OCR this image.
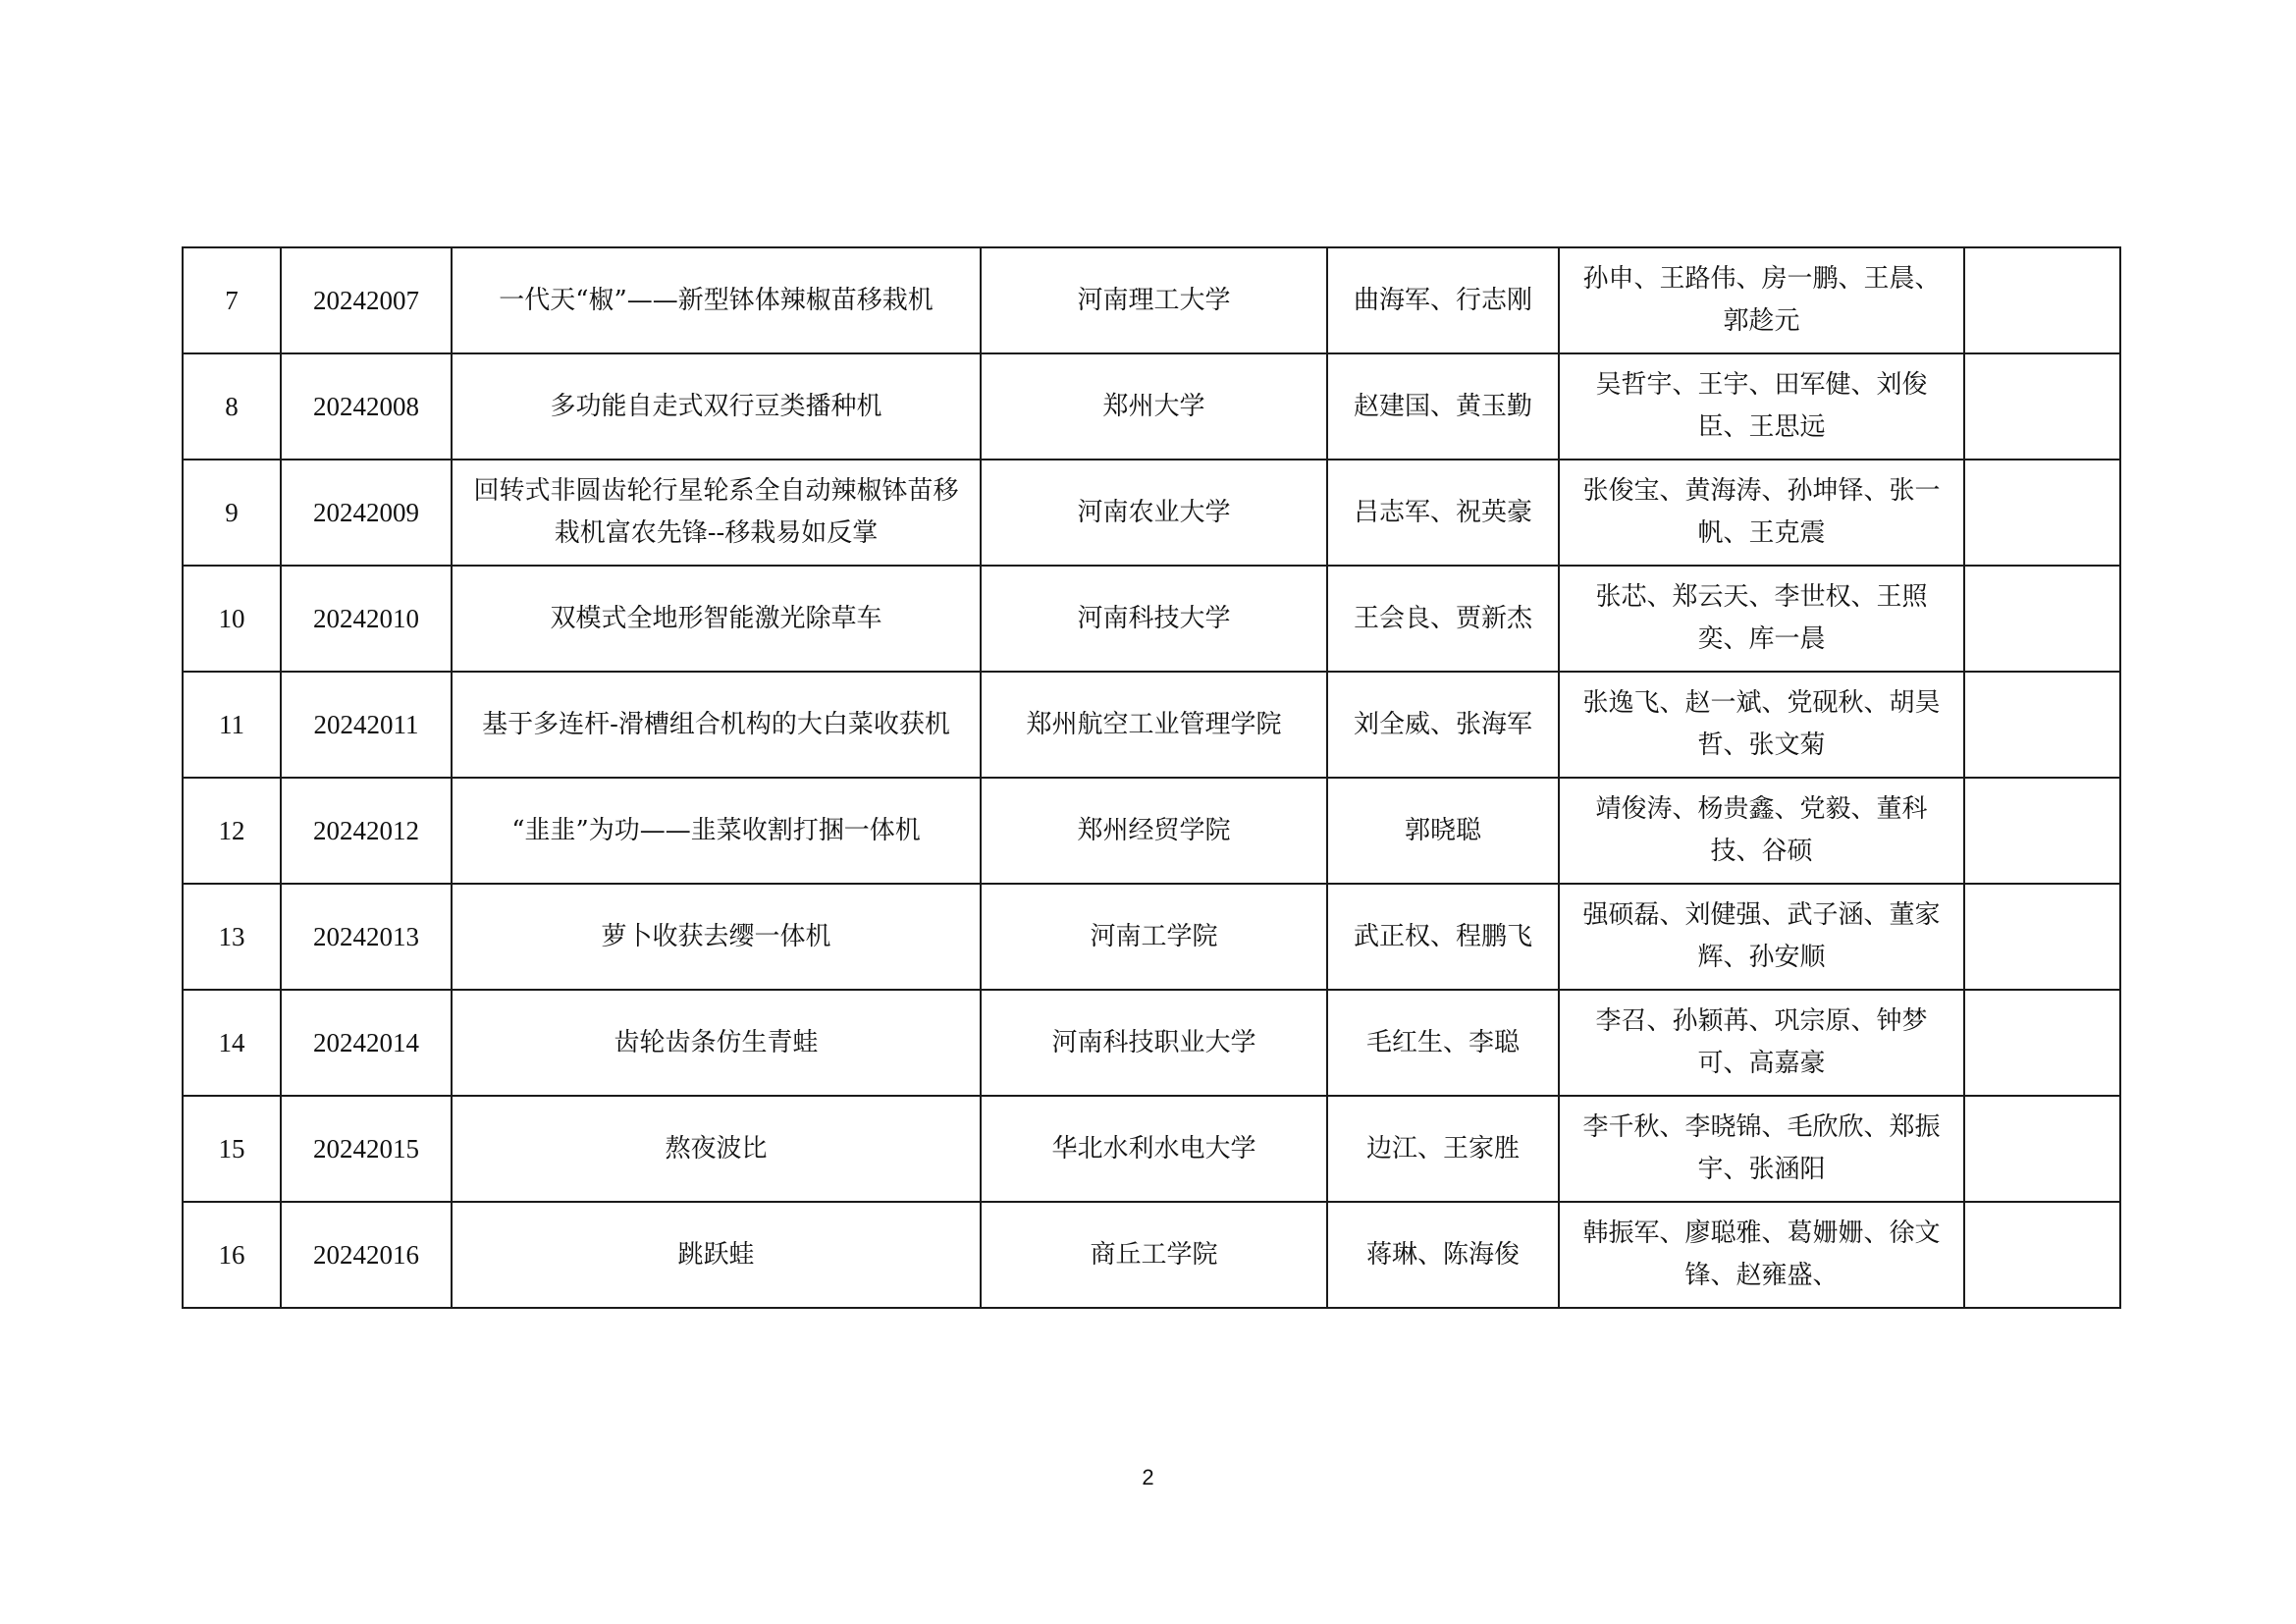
7	20242007	一代天“椒”——新型钵体辣椒苗移栽机	河南理工大学	曲海军、行志刚	孙申、王路伟、房一鹏、王晨、郭趁元	
8	20242008	多功能自走式双行豆类播种机	郑州大学	赵建国、黄玉勤	吴哲宇、王宇、田军健、刘俊臣、王思远	
9	20242009	回转式非圆齿轮行星轮系全自动辣椒钵苗移栽机富农先锋--移栽易如反掌	河南农业大学	吕志军、祝英豪	张俊宝、黄海涛、孙坤铎、张一帆、王克震	
10	20242010	双模式全地形智能激光除草车	河南科技大学	王会良、贾新杰	张芯、郑云天、李世权、王照奕、库一晨	
11	20242011	基于多连杆-滑槽组合机构的大白菜收获机	郑州航空工业管理学院	刘全威、张海军	张逸飞、赵一斌、党砚秋、胡昊哲、张文菊	
12	20242012	“韭韭”为功——韭菜收割打捆一体机	郑州经贸学院	郭晓聪	靖俊涛、杨贵鑫、党毅、董科技、谷硕	
13	20242013	萝卜收获去缨一体机	河南工学院	武正权、程鹏飞	强硕磊、刘健强、武子涵、董家辉、孙安顺	
14	20242014	齿轮齿条仿生青蛙	河南科技职业大学	毛红生、李聪	李召、孙颖苒、巩宗原、钟梦可、高嘉豪	
15	20242015	熬夜波比	华北水利水电大学	边江、王家胜	李千秋、李晓锦、毛欣欣、郑振宇、张涵阳	
16	20242016	跳跃蛙	商丘工学院	蒋琳、陈海俊	韩振军、廖聪雅、葛姗姗、徐文锋、赵雍盛、	
2
